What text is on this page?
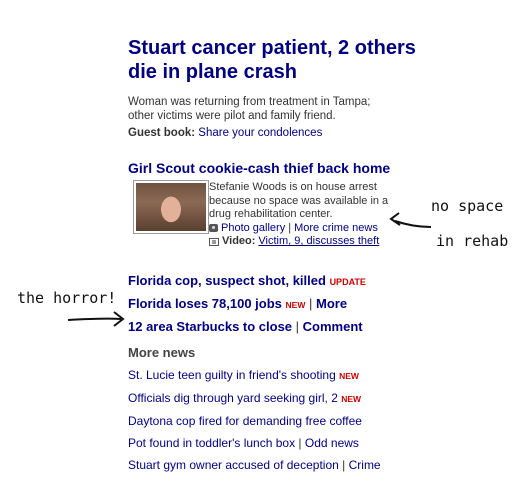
Stuart cancer patient, 2 others die in plane crash
Woman was returning from treatment in Tampa; other victims were pilot and family friend.
Guest book: Share your condolences
Girl Scout cookie-cash thief back home
Stefanie Woods is on house arrest because no space was available in a drug rehabilitation center.
Photo gallery | More crime news
Video: Victim, 9, discusses theft
Florida cop, suspect shot, killed UPDATE
Florida loses 78,100 jobs NEW | More
12 area Starbucks to close | Comment
More news
St. Lucie teen guilty in friend's shooting NEW
Officials dig through yard seeking girl, 2 NEW
Daytona cop fired for demanding free coffee
Pot found in toddler's lunch box | Odd news
Stuart gym owner accused of deception | Crime
no space
in rehab
the horror!
